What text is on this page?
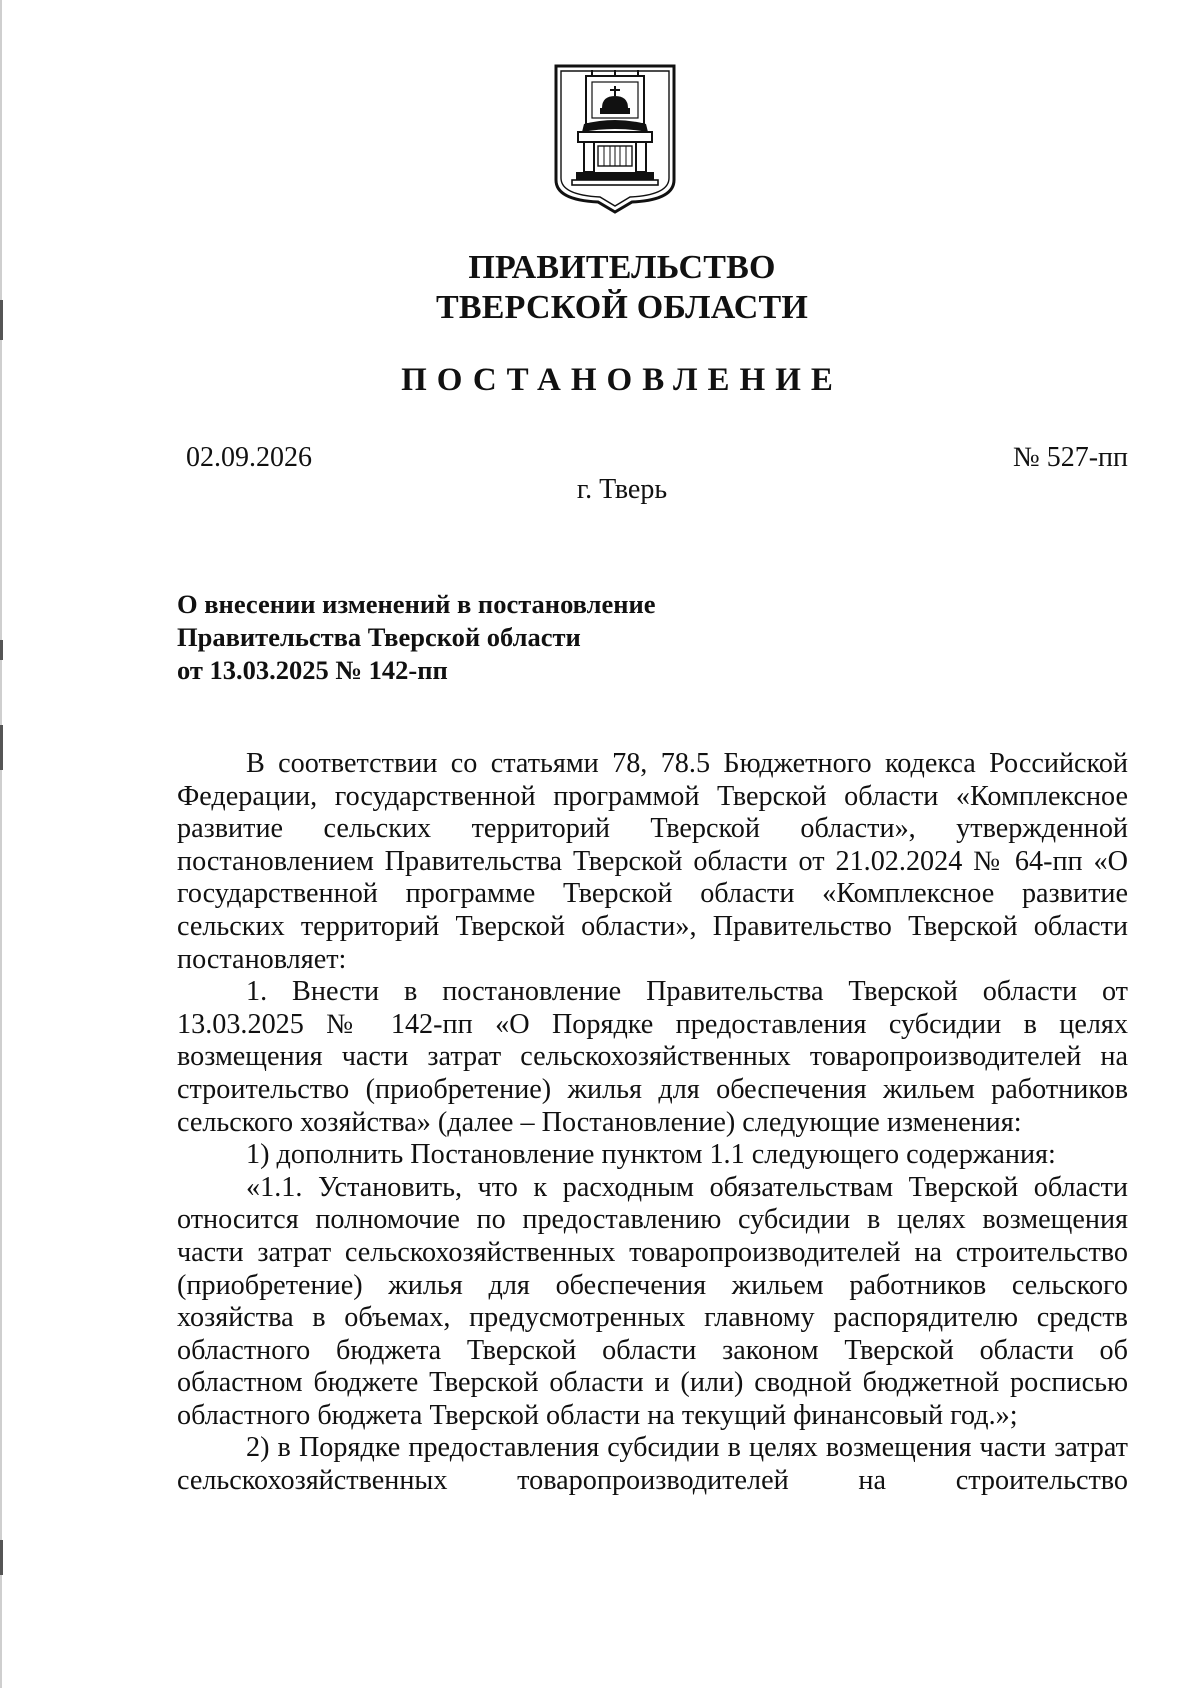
ПРАВИТЕЛЬСТВО
ТВЕРСКОЙ ОБЛАСТИ
ПОСТАНОВЛЕНИЕ
02.09.2026	№ 527-пп
г. Тверь
О внесении изменений в постановление
Правительства Тверской области
от 13.03.2025 № 142-пп

В соответствии со статьями 78, 78.5 Бюджетного кодекса Российской Федерации, государственной программой Тверской области «Комплексное развитие сельских территорий Тверской области», утвержденной постановлением Правительства Тверской области от 21.02.2024 № 64-пп «О государственной программе Тверской области «Комплексное развитие сельских территорий Тверской области», Правительство Тверской области постановляет:

1. Внести в постановление Правительства Тверской области от 13.03.2025 № 142-пп «О Порядке предоставления субсидии в целях возмещения части затрат сельскохозяйственных товаропроизводителей на строительство (приобретение) жилья для обеспечения жильем работников сельского хозяйства» (далее – Постановление) следующие изменения:

1) дополнить Постановление пунктом 1.1 следующего содержания:

«1.1. Установить, что к расходным обязательствам Тверской области относится полномочие по предоставлению субсидии в целях возмещения части затрат сельскохозяйственных товаропроизводителей на строительство (приобретение) жилья для обеспечения жильем работников сельского хозяйства в объемах, предусмотренных главному распорядителю средств областного бюджета Тверской области законом Тверской области об областном бюджете Тверской области и (или) сводной бюджетной росписью областного бюджета Тверской области на текущий финансовый год.»;

2) в Порядке предоставления субсидии в целях возмещения части затрат сельскохозяйственных товаропроизводителей на строительство
